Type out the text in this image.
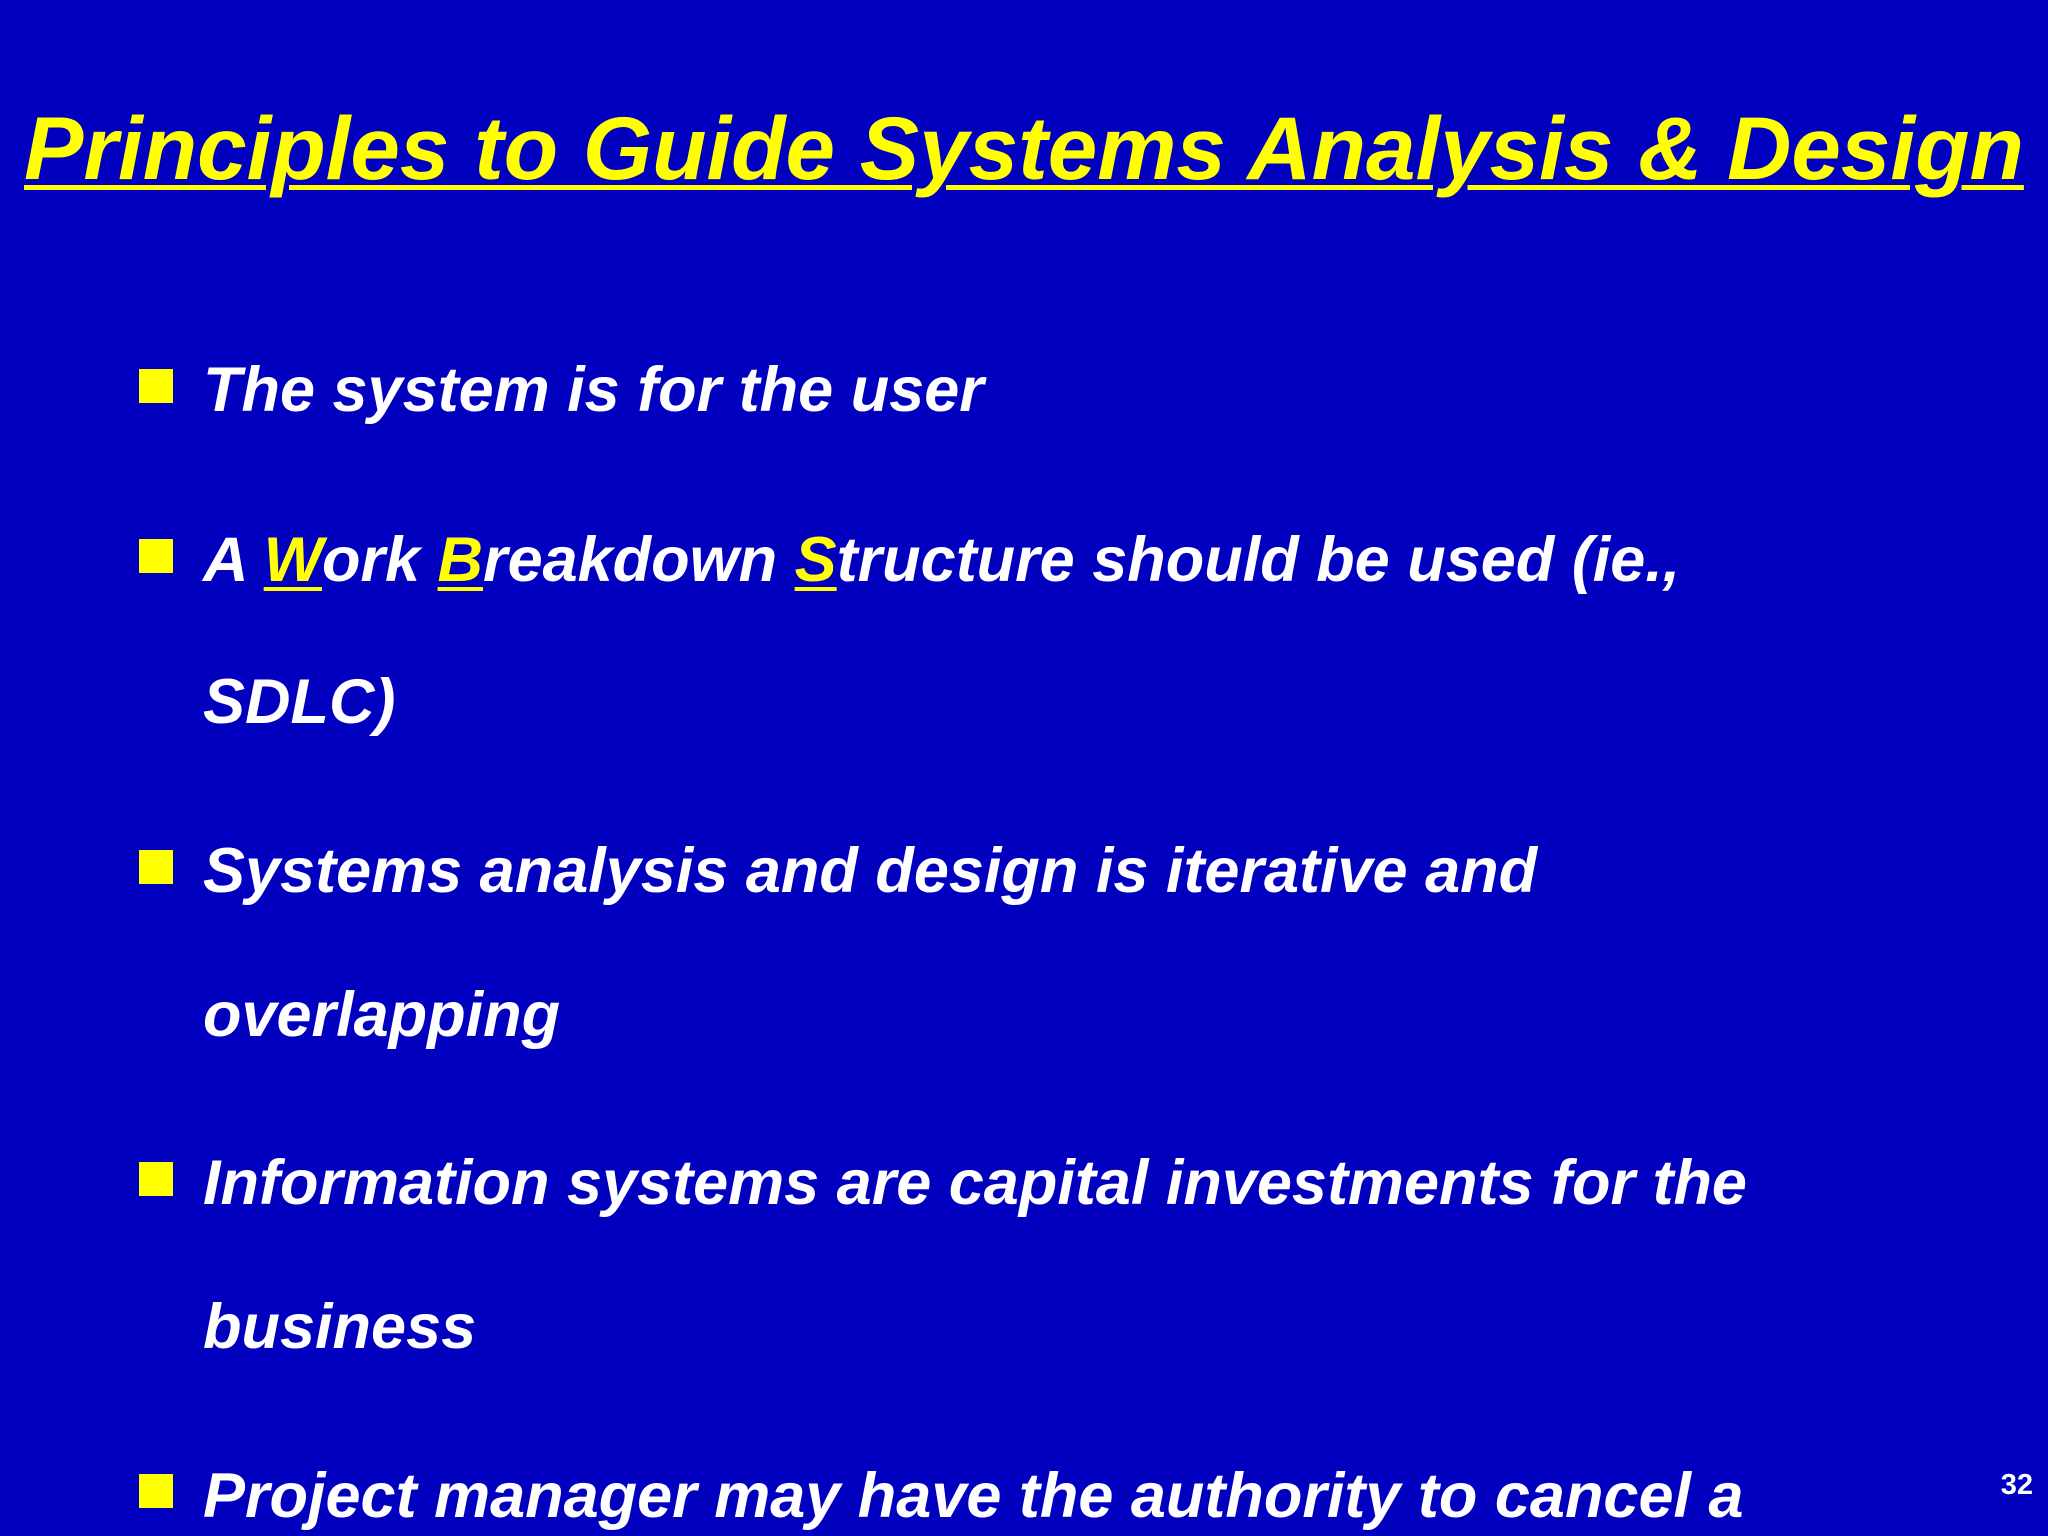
Principles to Guide Systems Analysis & Design
The system is for the user
A Work Breakdown Structure should be used (ie.,
SDLC)
Systems analysis and design is iterative and
overlapping
Information systems are capital investments for the
business
Project manager may have the authority to cancel a	32
